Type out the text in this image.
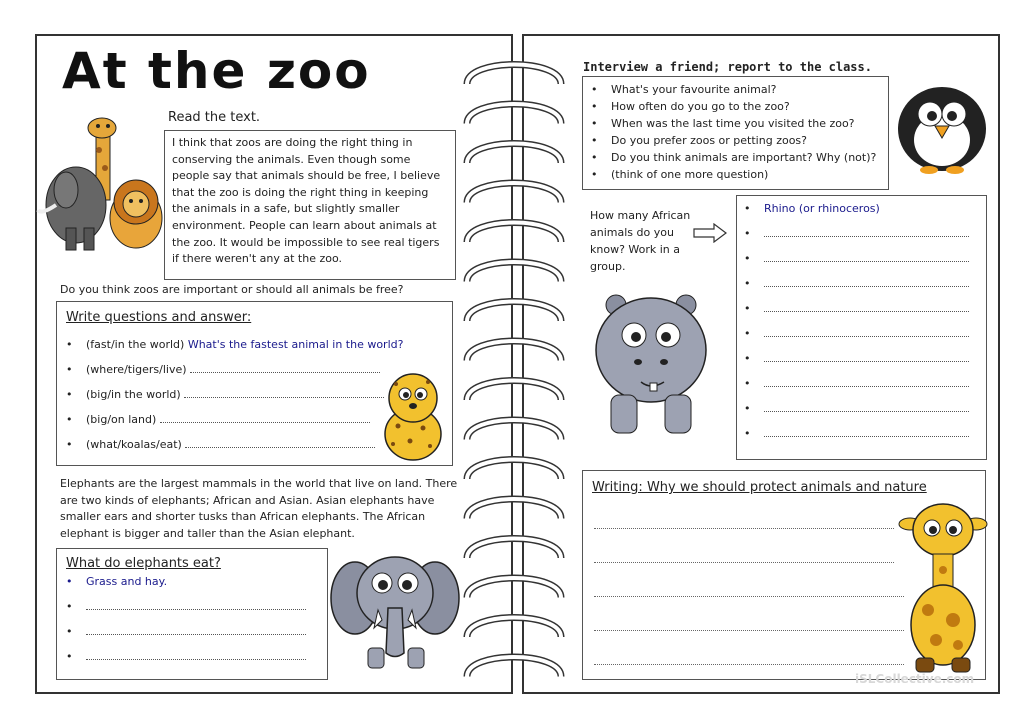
At the zoo
Read the text.
I think that zoos are doing the right thing in conserving the animals. Even though some people say that animals should be free, I believe that the zoo is doing the right thing in keeping the animals in a safe, but slightly smaller environment. People can learn about animals at the zoo. It would be impossible to see real tigers if there weren't any at the zoo.
Do you think zoos are important or should all animals be free?
Write questions and answer:
• (fast/in the world) What's the fastest animal in the world?
• (where/tigers/live)
• (big/in the world)
• (big/on land)
• (what/koalas/eat)
Elephants are the largest mammals in the world that live on land. There are two kinds of elephants; African and Asian. Asian elephants have smaller ears and shorter tusks than African elephants. The African elephant is bigger and taller than the Asian elephant.
What do elephants eat?
• Grass and hay.
•
•
•
Interview a friend; report to the class.
• What's your favourite animal?
• How often do you go to the zoo?
• When was the last time you visited the zoo?
• Do you prefer zoos or petting zoos?
• Do you think animals are important? Why (not)?
• (think of one more question)
How many African animals do you know? Work in a group.
• Rhino (or rhinoceros)
•
•
•
•
•
•
•
•
•
Writing: Why we should protect animals and nature
iSLCollective.com
